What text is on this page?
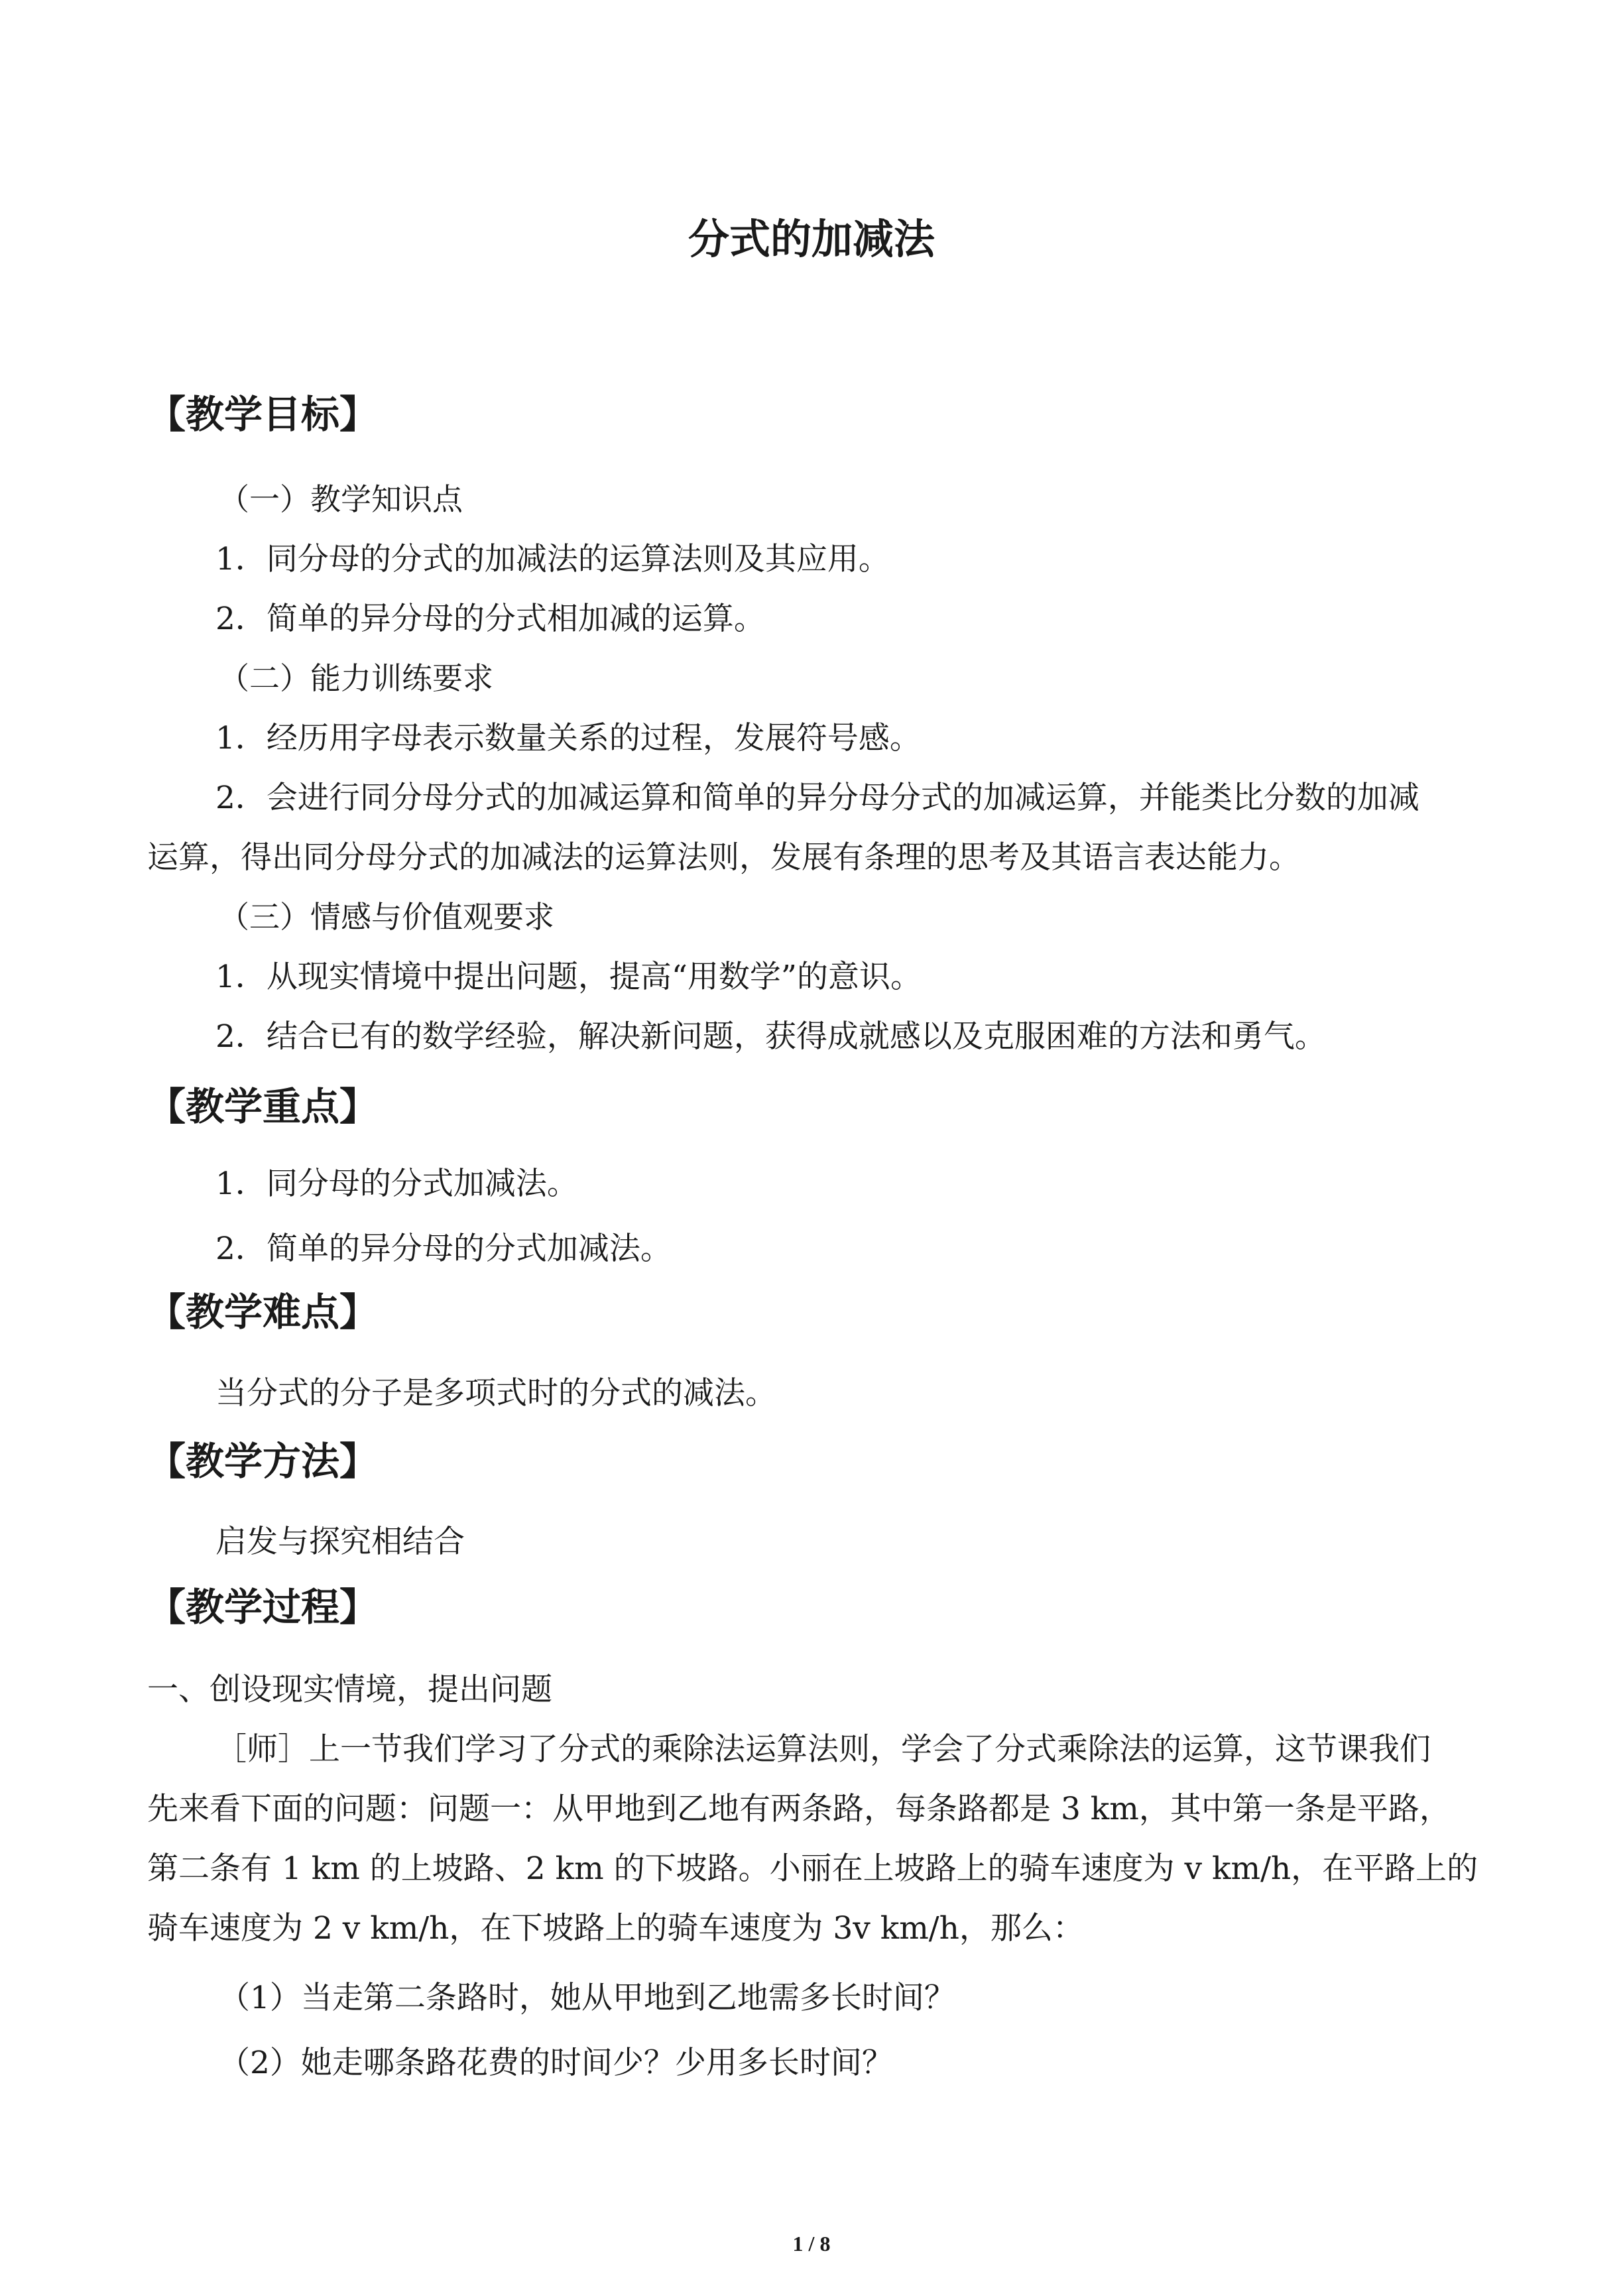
分式的加减法
【教学目标】

（一）教学知识点

1．同分母的分式的加减法的运算法则及其应用。

2．简单的异分母的分式相加减的运算。

（二）能力训练要求

1．经历用字母表示数量关系的过程，发展符号感。

2．会进行同分母分式的加减运算和简单的异分母分式的加减运算，并能类比分数的加减

运算，得出同分母分式的加减法的运算法则，发展有条理的思考及其语言表达能力。

（三）情感与价值观要求

1．从现实情境中提出问题，提高“用数学”的意识。

2．结合已有的数学经验，解决新问题，获得成就感以及克服困难的方法和勇气。

【教学重点】

1．同分母的分式加减法。

2．简单的异分母的分式加减法。

【教学难点】

当分式的分子是多项式时的分式的减法。

【教学方法】

启发与探究相结合

【教学过程】

一、创设现实情境，提出问题

［师］上一节我们学习了分式的乘除法运算法则，学会了分式乘除法的运算，这节课我们

先来看下面的问题：问题一：从甲地到乙地有两条路，每条路都是 3 km，其中第一条是平路，

第二条有 1 km 的上坡路、2 km 的下坡路。小丽在上坡路上的骑车速度为 v km/h，在平路上的

骑车速度为 2 v km/h，在下坡路上的骑车速度为 3v km/h，那么：

（1）当走第二条路时，她从甲地到乙地需多长时间？

（2）她走哪条路花费的时间少？少用多长时间？

1 / 8
